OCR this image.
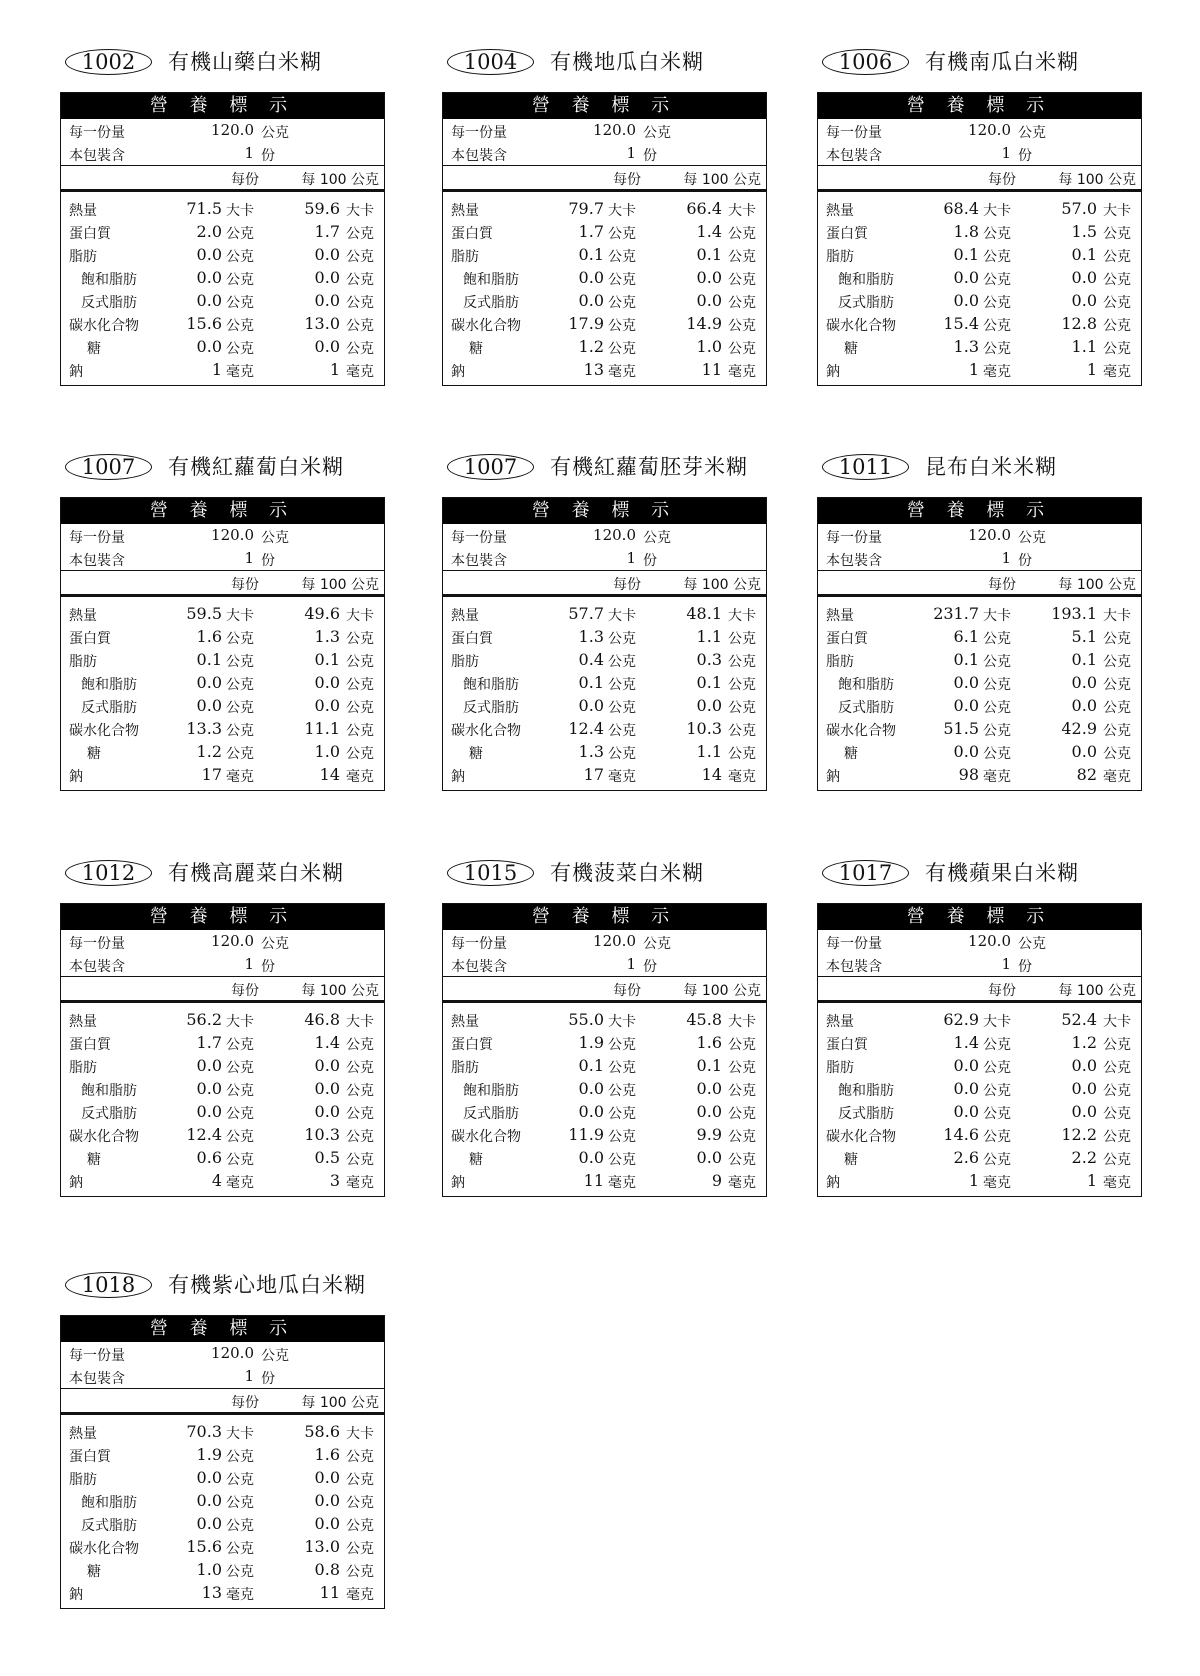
1002	有機山藥白米糊
營 養 標 示
每一份量	120.0 公克
本包裝含	1 份
每份	每 100 公克
熱量	71.5 大卡	59.6 大卡
蛋白質	2.0 公克	1.7 公克
脂肪	0.0 公克	0.0 公克
飽和脂肪	0.0 公克	0.0 公克
反式脂肪	0.0 公克	0.0 公克
碳水化合物	15.6 公克	13.0 公克
糖	0.0 公克	0.0 公克
鈉	1 毫克	1 毫克
1004	有機地瓜白米糊
營 養 標 示
每一份量	120.0 公克
本包裝含	1 份
每份	每 100 公克
熱量	79.7 大卡	66.4 大卡
蛋白質	1.7 公克	1.4 公克
脂肪	0.1 公克	0.1 公克
飽和脂肪	0.0 公克	0.0 公克
反式脂肪	0.0 公克	0.0 公克
碳水化合物	17.9 公克	14.9 公克
糖	1.2 公克	1.0 公克
鈉	13 毫克	11 毫克
1006	有機南瓜白米糊
營 養 標 示
每一份量	120.0 公克
本包裝含	1 份
每份	每 100 公克
熱量	68.4 大卡	57.0 大卡
蛋白質	1.8 公克	1.5 公克
脂肪	0.1 公克	0.1 公克
飽和脂肪	0.0 公克	0.0 公克
反式脂肪	0.0 公克	0.0 公克
碳水化合物	15.4 公克	12.8 公克
糖	1.3 公克	1.1 公克
鈉	1 毫克	1 毫克
1007	有機紅蘿蔔白米糊
營 養 標 示
每一份量	120.0 公克
本包裝含	1 份
每份	每 100 公克
熱量	59.5 大卡	49.6 大卡
蛋白質	1.6 公克	1.3 公克
脂肪	0.1 公克	0.1 公克
飽和脂肪	0.0 公克	0.0 公克
反式脂肪	0.0 公克	0.0 公克
碳水化合物	13.3 公克	11.1 公克
糖	1.2 公克	1.0 公克
鈉	17 毫克	14 毫克
1007	有機紅蘿蔔胚芽米糊
營 養 標 示
每一份量	120.0 公克
本包裝含	1 份
每份	每 100 公克
熱量	57.7 大卡	48.1 大卡
蛋白質	1.3 公克	1.1 公克
脂肪	0.4 公克	0.3 公克
飽和脂肪	0.1 公克	0.1 公克
反式脂肪	0.0 公克	0.0 公克
碳水化合物	12.4 公克	10.3 公克
糖	1.3 公克	1.1 公克
鈉	17 毫克	14 毫克
1011	昆布白米米糊
營 養 標 示
每一份量	120.0 公克
本包裝含	1 份
每份	每 100 公克
熱量	231.7 大卡	193.1 大卡
蛋白質	6.1 公克	5.1 公克
脂肪	0.1 公克	0.1 公克
飽和脂肪	0.0 公克	0.0 公克
反式脂肪	0.0 公克	0.0 公克
碳水化合物	51.5 公克	42.9 公克
糖	0.0 公克	0.0 公克
鈉	98 毫克	82 毫克
1012	有機高麗菜白米糊
營 養 標 示
每一份量	120.0 公克
本包裝含	1 份
每份	每 100 公克
熱量	56.2 大卡	46.8 大卡
蛋白質	1.7 公克	1.4 公克
脂肪	0.0 公克	0.0 公克
飽和脂肪	0.0 公克	0.0 公克
反式脂肪	0.0 公克	0.0 公克
碳水化合物	12.4 公克	10.3 公克
糖	0.6 公克	0.5 公克
鈉	4 毫克	3 毫克
1015	有機菠菜白米糊
營 養 標 示
每一份量	120.0 公克
本包裝含	1 份
每份	每 100 公克
熱量	55.0 大卡	45.8 大卡
蛋白質	1.9 公克	1.6 公克
脂肪	0.1 公克	0.1 公克
飽和脂肪	0.0 公克	0.0 公克
反式脂肪	0.0 公克	0.0 公克
碳水化合物	11.9 公克	9.9 公克
糖	0.0 公克	0.0 公克
鈉	11 毫克	9 毫克
1017	有機蘋果白米糊
營 養 標 示
每一份量	120.0 公克
本包裝含	1 份
每份	每 100 公克
熱量	62.9 大卡	52.4 大卡
蛋白質	1.4 公克	1.2 公克
脂肪	0.0 公克	0.0 公克
飽和脂肪	0.0 公克	0.0 公克
反式脂肪	0.0 公克	0.0 公克
碳水化合物	14.6 公克	12.2 公克
糖	2.6 公克	2.2 公克
鈉	1 毫克	1 毫克
1018	有機紫心地瓜白米糊
營 養 標 示
每一份量	120.0 公克
本包裝含	1 份
每份	每 100 公克
熱量	70.3 大卡	58.6 大卡
蛋白質	1.9 公克	1.6 公克
脂肪	0.0 公克	0.0 公克
飽和脂肪	0.0 公克	0.0 公克
反式脂肪	0.0 公克	0.0 公克
碳水化合物	15.6 公克	13.0 公克
糖	1.0 公克	0.8 公克
鈉	13 毫克	11 毫克
